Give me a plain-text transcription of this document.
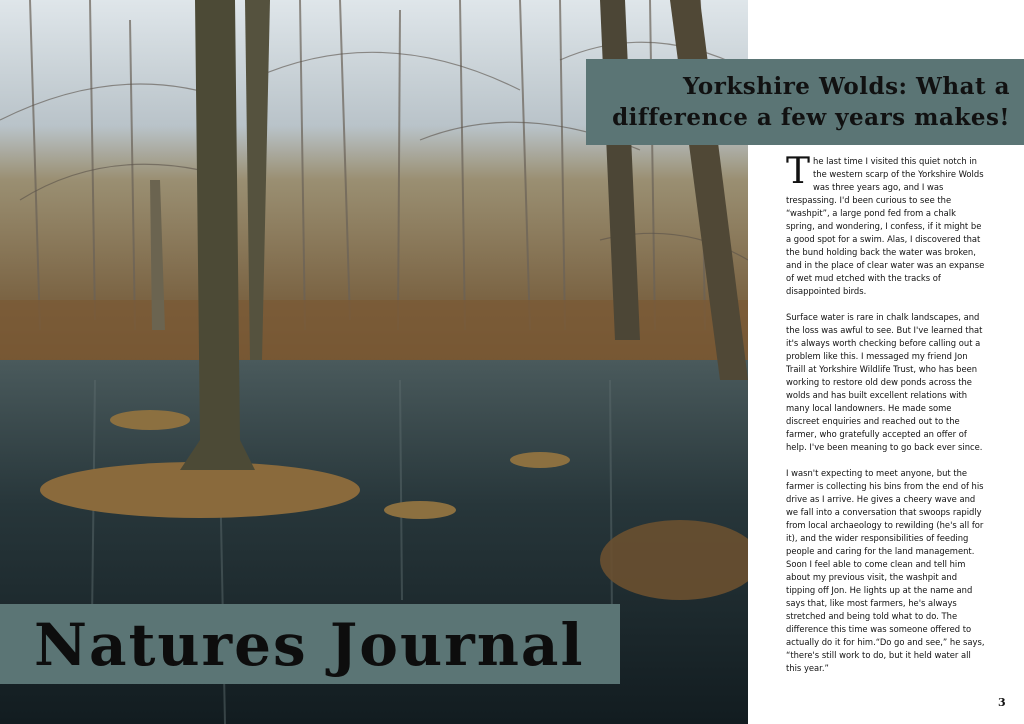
Yorkshire Wolds: What a difference a few years makes!
Natures Journal

The last time I visited this quiet notch in the western scarp of the Yorkshire Wolds was three years ago, and I was trespassing. I'd been curious to see the “washpit”, a large pond fed from a chalk spring, and wondering, I confess, if it might be a good spot for a swim. Alas, I discovered that the bund holding back the water was broken, and in the place of clear water was an expanse of wet mud etched with the tracks of disappointed birds.

Surface water is rare in chalk landscapes, and the loss was awful to see. But I've learned that it's always worth checking before calling out a problem like this. I messaged my friend Jon Traill at Yorkshire Wildlife Trust, who has been working to restore old dew ponds across the wolds and has built excellent relations with many local landowners. He made some discreet enquiries and reached out to the farmer, who gratefully accepted an offer of help. I've been meaning to go back ever since.

I wasn't expecting to meet anyone, but the farmer is collecting his bins from the end of his drive as I arrive. He gives a cheery wave and we fall into a conversation that swoops rapidly from local archaeology to rewilding (he's all for it), and the wider responsibilities of feeding people and caring for the land management. Soon I feel able to come clean and tell him about my previous visit, the washpit and tipping off Jon. He lights up at the name and says that, like most farmers, he's always stretched and being told what to do. The difference this time was someone offered to actually do it for him.“Do go and see,” he says, “there's still work to do, but it held water all this year.”

3
